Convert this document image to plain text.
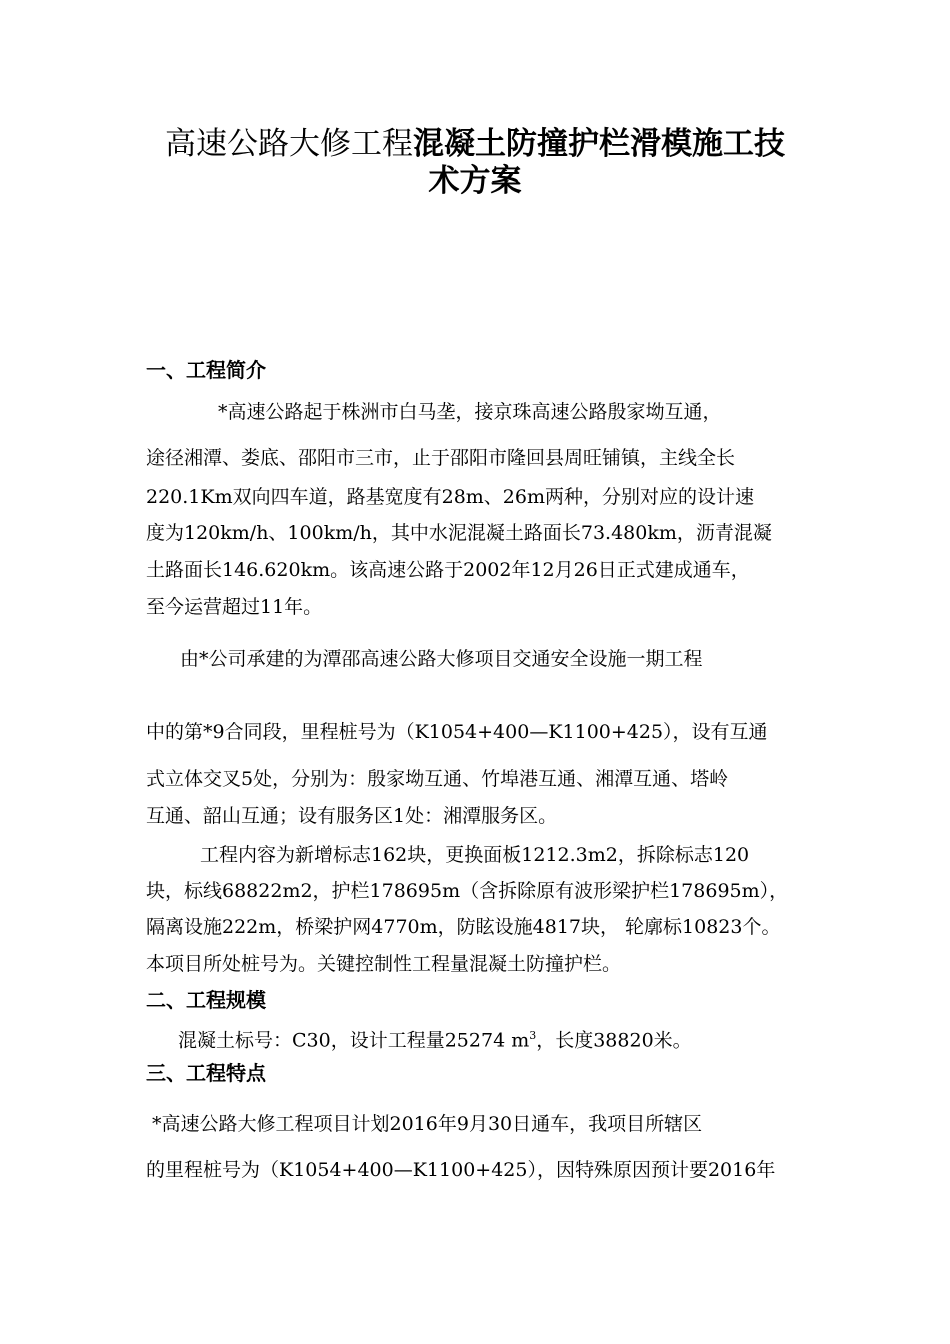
高速公路大修工程混凝土防撞护栏滑模施工技
术方案
一、工程简介
*高速公路起于株洲市白马垄，接京珠高速公路殷家坳互通，
途径湘潭、娄底、邵阳市三市，止于邵阳市隆回县周旺铺镇，主线全长
220.1Km双向四车道，路基宽度有28m、26m两种，分别对应的设计速
度为120km/h、100km/h，其中水泥混凝土路面长73.480km，沥青混凝
土路面长146.620km。该高速公路于2002年12月26日正式建成通车，
至今运营超过11年。
由*公司承建的为潭邵高速公路大修项目交通安全设施一期工程
中的第*9合同段，里程桩号为（K1054+400—K1100+425），设有互通
式立体交叉5处，分别为：殷家坳互通、竹埠港互通、湘潭互通、塔岭
互通、韶山互通；设有服务区1处：湘潭服务区。
工程内容为新增标志162块，更换面板1212.3m2，拆除标志120
块，标线68822m2，护栏178695m（含拆除原有波形梁护栏178695m），
隔离设施222m，桥梁护网4770m，防眩设施4817块， 轮廓标10823个。
本项目所处桩号为。关键控制性工程量混凝土防撞护栏。
二、工程规模
混凝土标号：C30，设计工程量25274 $m^3$，长度38820米。
三、工程特点
*高速公路大修工程项目计划2016年9月30日通车，我项目所辖区
的里程桩号为（K1054+400—K1100+425），因特殊原因预计要2016年
